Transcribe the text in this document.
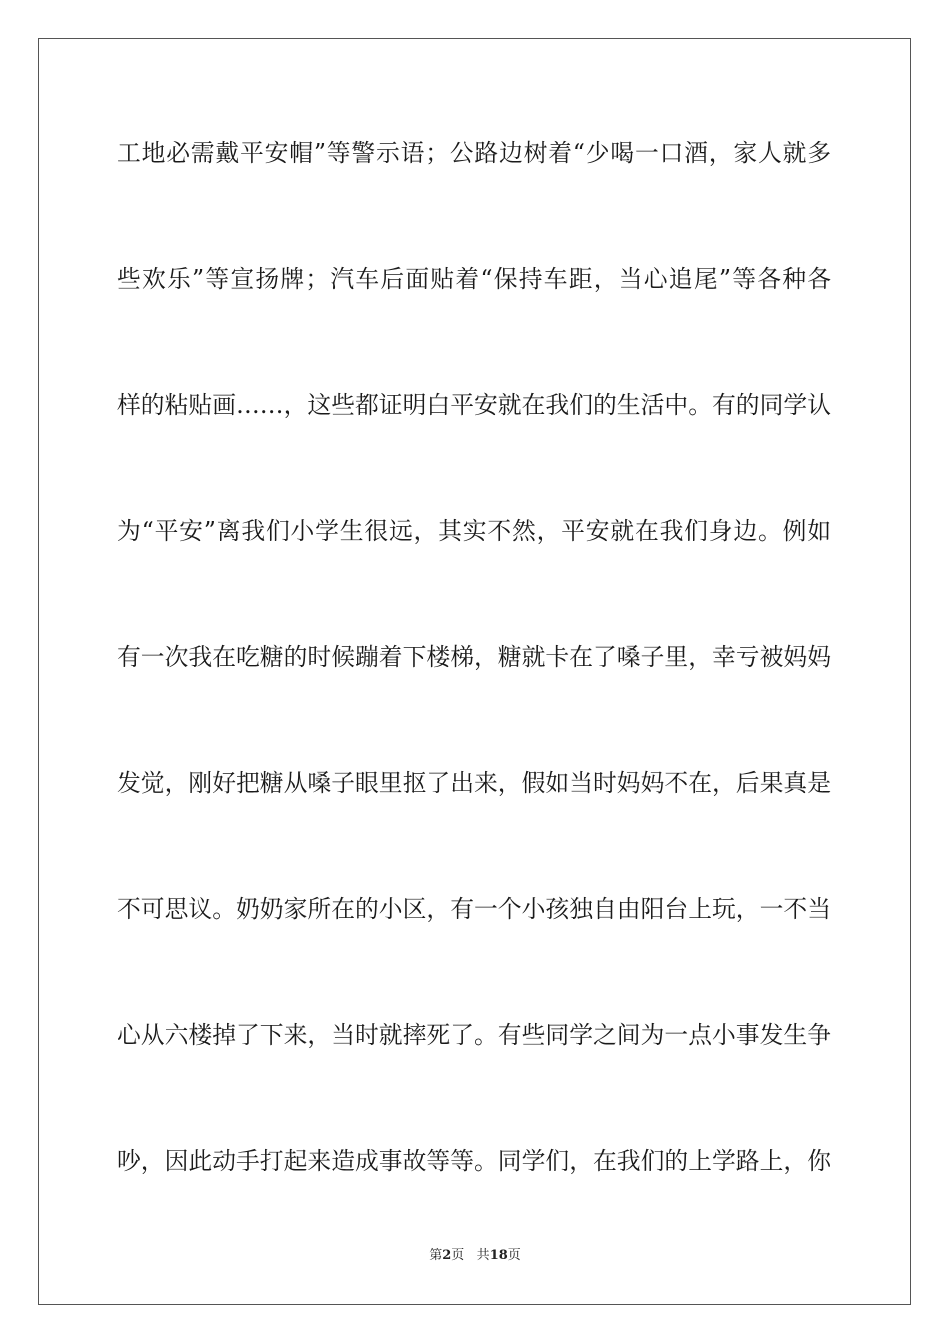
工地必需戴平安帽”等警示语；公路边树着“少喝一口酒，家人就多
些欢乐”等宣扬牌；汽车后面贴着“保持车距，当心追尾”等各种各
样的粘贴画……，这些都证明白平安就在我们的生活中。有的同学认
为“平安”离我们小学生很远，其实不然，平安就在我们身边。例如
有一次我在吃糖的时候蹦着下楼梯，糖就卡在了嗓子里，幸亏被妈妈
发觉，刚好把糖从嗓子眼里抠了出来，假如当时妈妈不在，后果真是
不可思议。奶奶家所在的小区，有一个小孩独自由阳台上玩，一不当
心从六楼掉了下来，当时就摔死了。有些同学之间为一点小事发生争
吵，因此动手打起来造成事故等等。同学们，在我们的上学路上，你
第2页 共18页
